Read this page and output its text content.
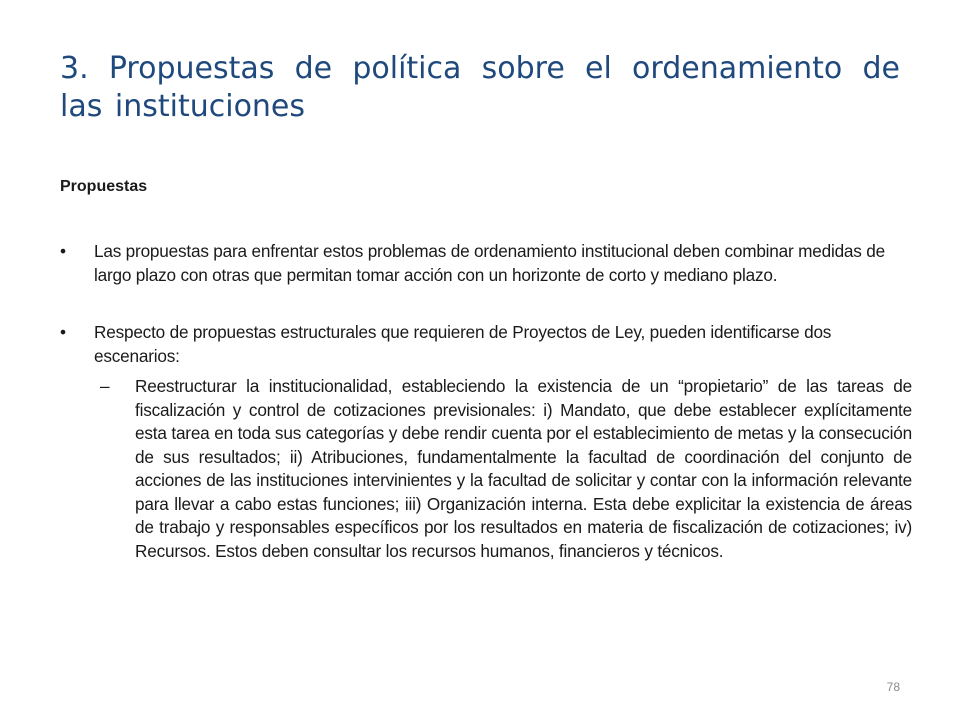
3. Propuestas de política sobre el ordenamiento de las instituciones

Propuestas

•	Las propuestas para enfrentar estos problemas de ordenamiento institucional deben combinar medidas de largo plazo con otras que permitan tomar acción con un horizonte de corto y mediano plazo.
•	Respecto de propuestas estructurales que requieren de Proyectos de Ley, pueden identificarse dos escenarios:
– Reestructurar la institucionalidad, estableciendo la existencia de un “propietario” de las tareas de fiscalización y control de cotizaciones previsionales: i) Mandato, que debe establecer explícitamente esta tarea en toda sus categorías y debe rendir cuenta por el establecimiento de metas y la consecución de sus resultados; ii) Atribuciones, fundamentalmente la facultad de coordinación del conjunto de acciones de las instituciones intervinientes y la facultad de solicitar y contar con la información relevante para llevar a cabo estas funciones; iii) Organización interna. Esta debe explicitar la existencia de áreas de trabajo y responsables específicos por los resultados en materia de fiscalización de cotizaciones; iv) Recursos. Estos deben consultar los recursos humanos, financieros y técnicos.
78
